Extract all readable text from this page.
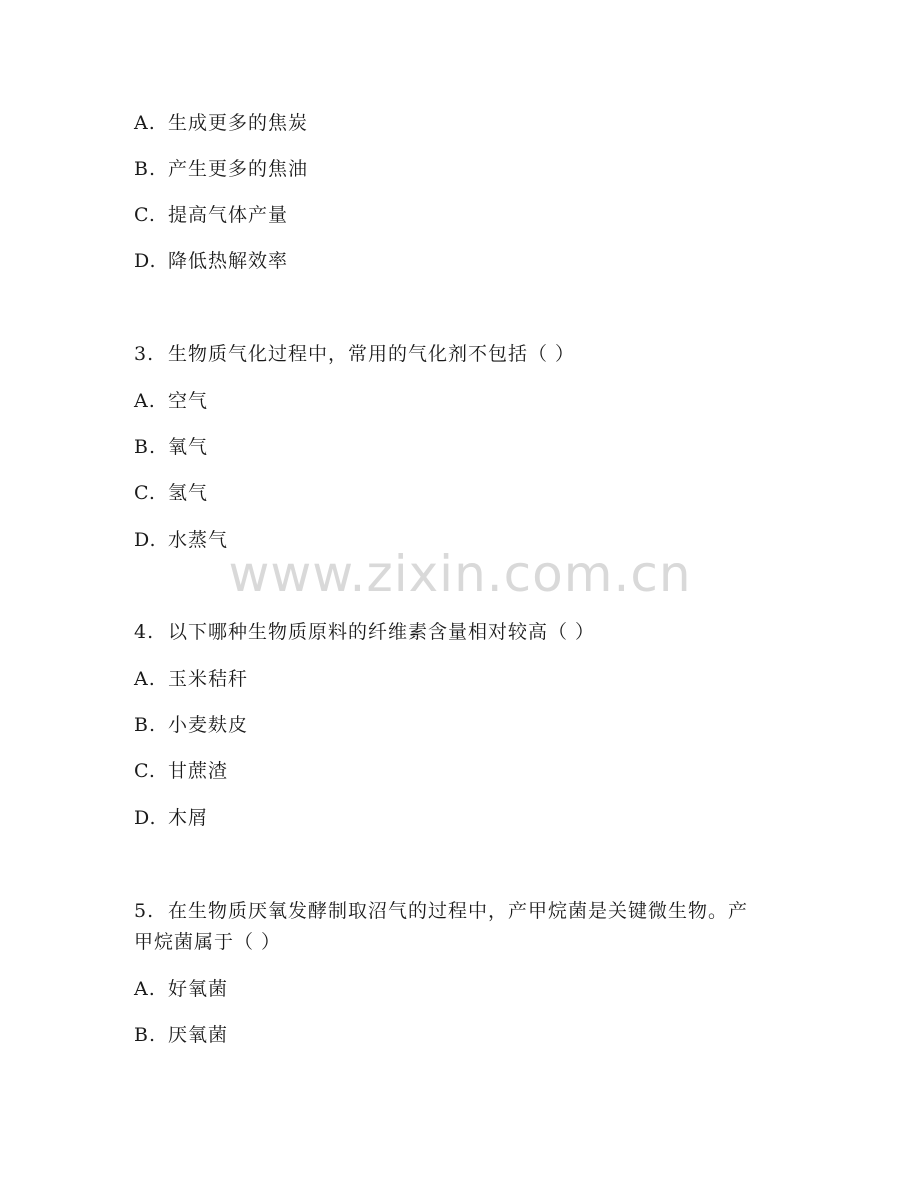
A. 生成更多的焦炭
B. 产生更多的焦油
C. 提高气体产量
D. 降低热解效率
3. 生物质气化过程中，常用的气化剂不包括（ ）
A. 空气
B. 氧气
C. 氢气
D. 水蒸气
4. 以下哪种生物质原料的纤维素含量相对较高（ ）
A. 玉米秸秆
B. 小麦麸皮
C. 甘蔗渣
D. 木屑
5. 在生物质厌氧发酵制取沼气的过程中，产甲烷菌是关键微生物。产
甲烷菌属于（ ）
A. 好氧菌
B. 厌氧菌
www.zixin.com.cn
